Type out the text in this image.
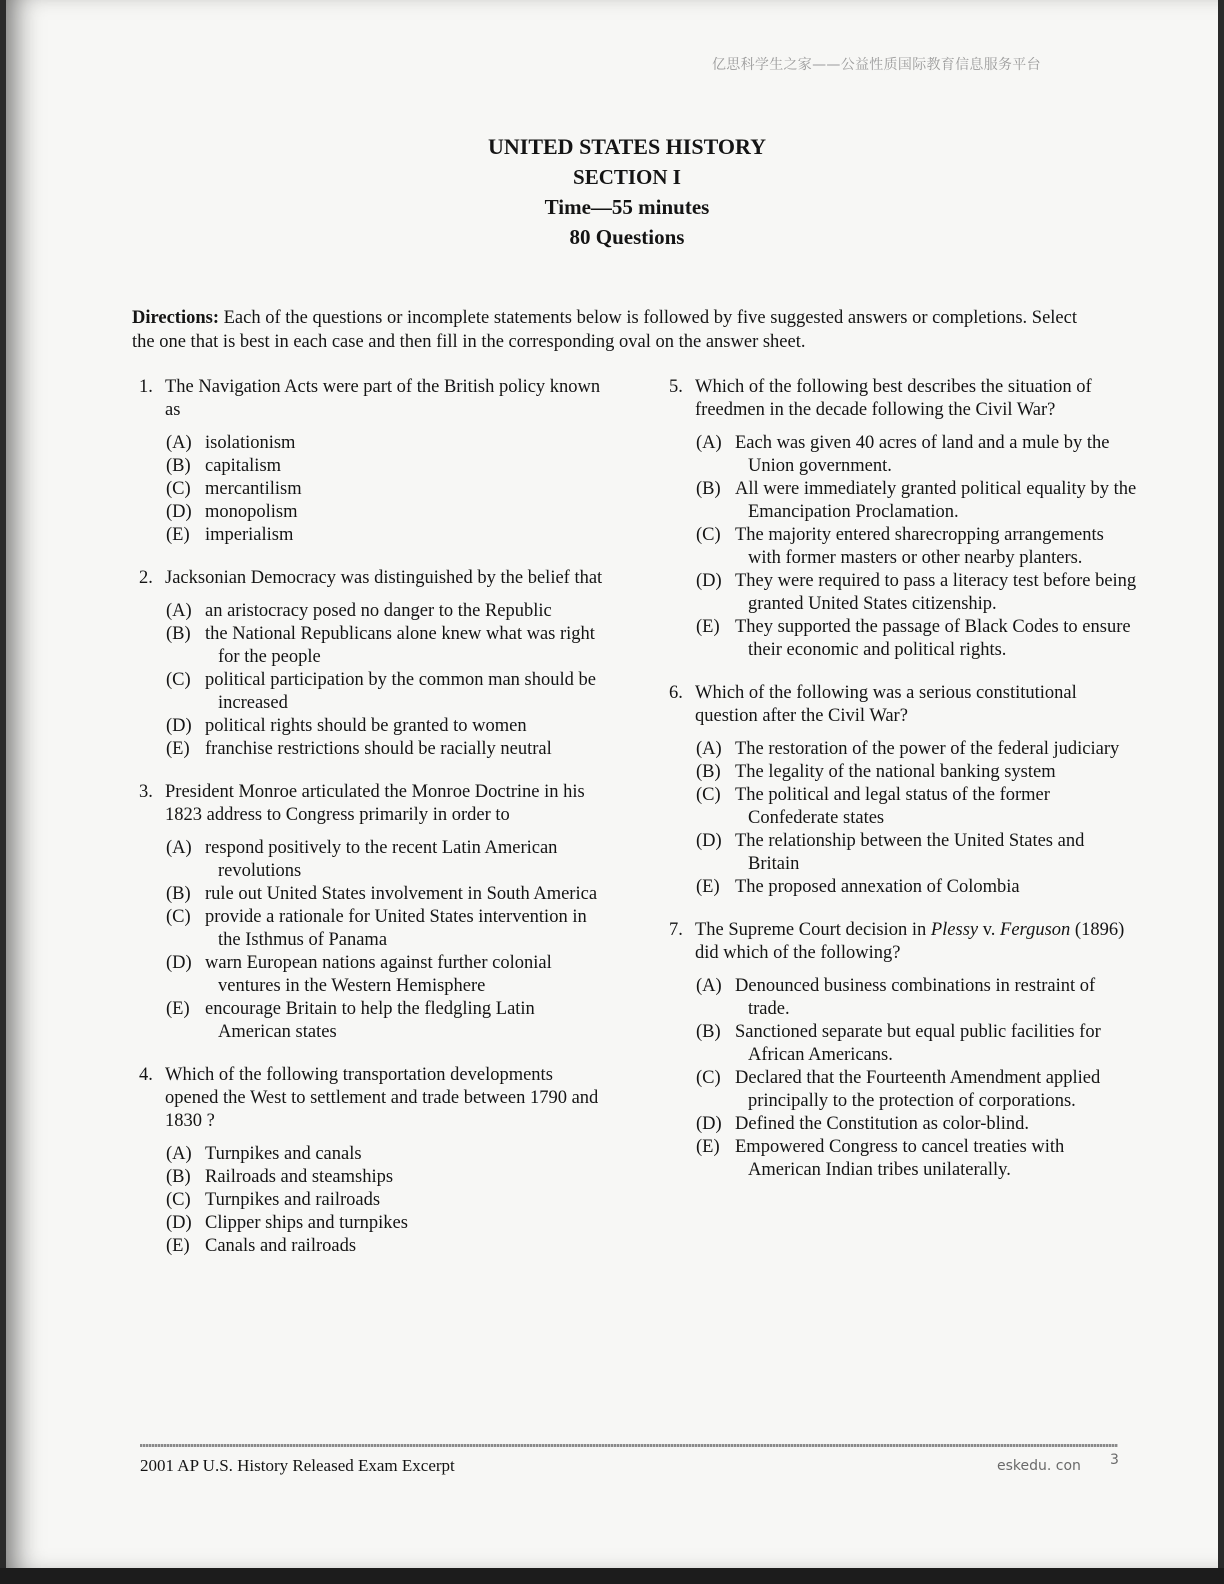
亿思科学生之家——公益性质国际教育信息服务平台
UNITED STATES HISTORY
SECTION I
Time—55 minutes
80 Questions
Directions: Each of the questions or incomplete statements below is followed by five suggested answers or completions. Select the one that is best in each case and then fill in the corresponding oval on the answer sheet.
1. The Navigation Acts were part of the British policy known as
(A) isolationism
(B) capitalism
(C) mercantilism
(D) monopolism
(E) imperialism
2. Jacksonian Democracy was distinguished by the belief that
(A) an aristocracy posed no danger to the Republic
(B) the National Republicans alone knew what was right for the people
(C) political participation by the common man should be increased
(D) political rights should be granted to women
(E) franchise restrictions should be racially neutral
3. President Monroe articulated the Monroe Doctrine in his 1823 address to Congress primarily in order to
(A) respond positively to the recent Latin American revolutions
(B) rule out United States involvement in South America
(C) provide a rationale for United States intervention in the Isthmus of Panama
(D) warn European nations against further colonial ventures in the Western Hemisphere
(E) encourage Britain to help the fledgling Latin American states
4. Which of the following transportation developments opened the West to settlement and trade between 1790 and 1830 ?
(A) Turnpikes and canals
(B) Railroads and steamships
(C) Turnpikes and railroads
(D) Clipper ships and turnpikes
(E) Canals and railroads
5. Which of the following best describes the situation of freedmen in the decade following the Civil War?
(A) Each was given 40 acres of land and a mule by the Union government.
(B) All were immediately granted political equality by the Emancipation Proclamation.
(C) The majority entered sharecropping arrangements with former masters or other nearby planters.
(D) They were required to pass a literacy test before being granted United States citizenship.
(E) They supported the passage of Black Codes to ensure their economic and political rights.
6. Which of the following was a serious constitutional question after the Civil War?
(A) The restoration of the power of the federal judiciary
(B) The legality of the national banking system
(C) The political and legal status of the former Confederate states
(D) The relationship between the United States and Britain
(E) The proposed annexation of Colombia
7. The Supreme Court decision in Plessy v. Ferguson (1896) did which of the following?
(A) Denounced business combinations in restraint of trade.
(B) Sanctioned separate but equal public facilities for African Americans.
(C) Declared that the Fourteenth Amendment applied principally to the protection of corporations.
(D) Defined the Constitution as color-blind.
(E) Empowered Congress to cancel treaties with American Indian tribes unilaterally.
2001 AP U.S. History Released Exam Excerpt	eskedu. con 3
